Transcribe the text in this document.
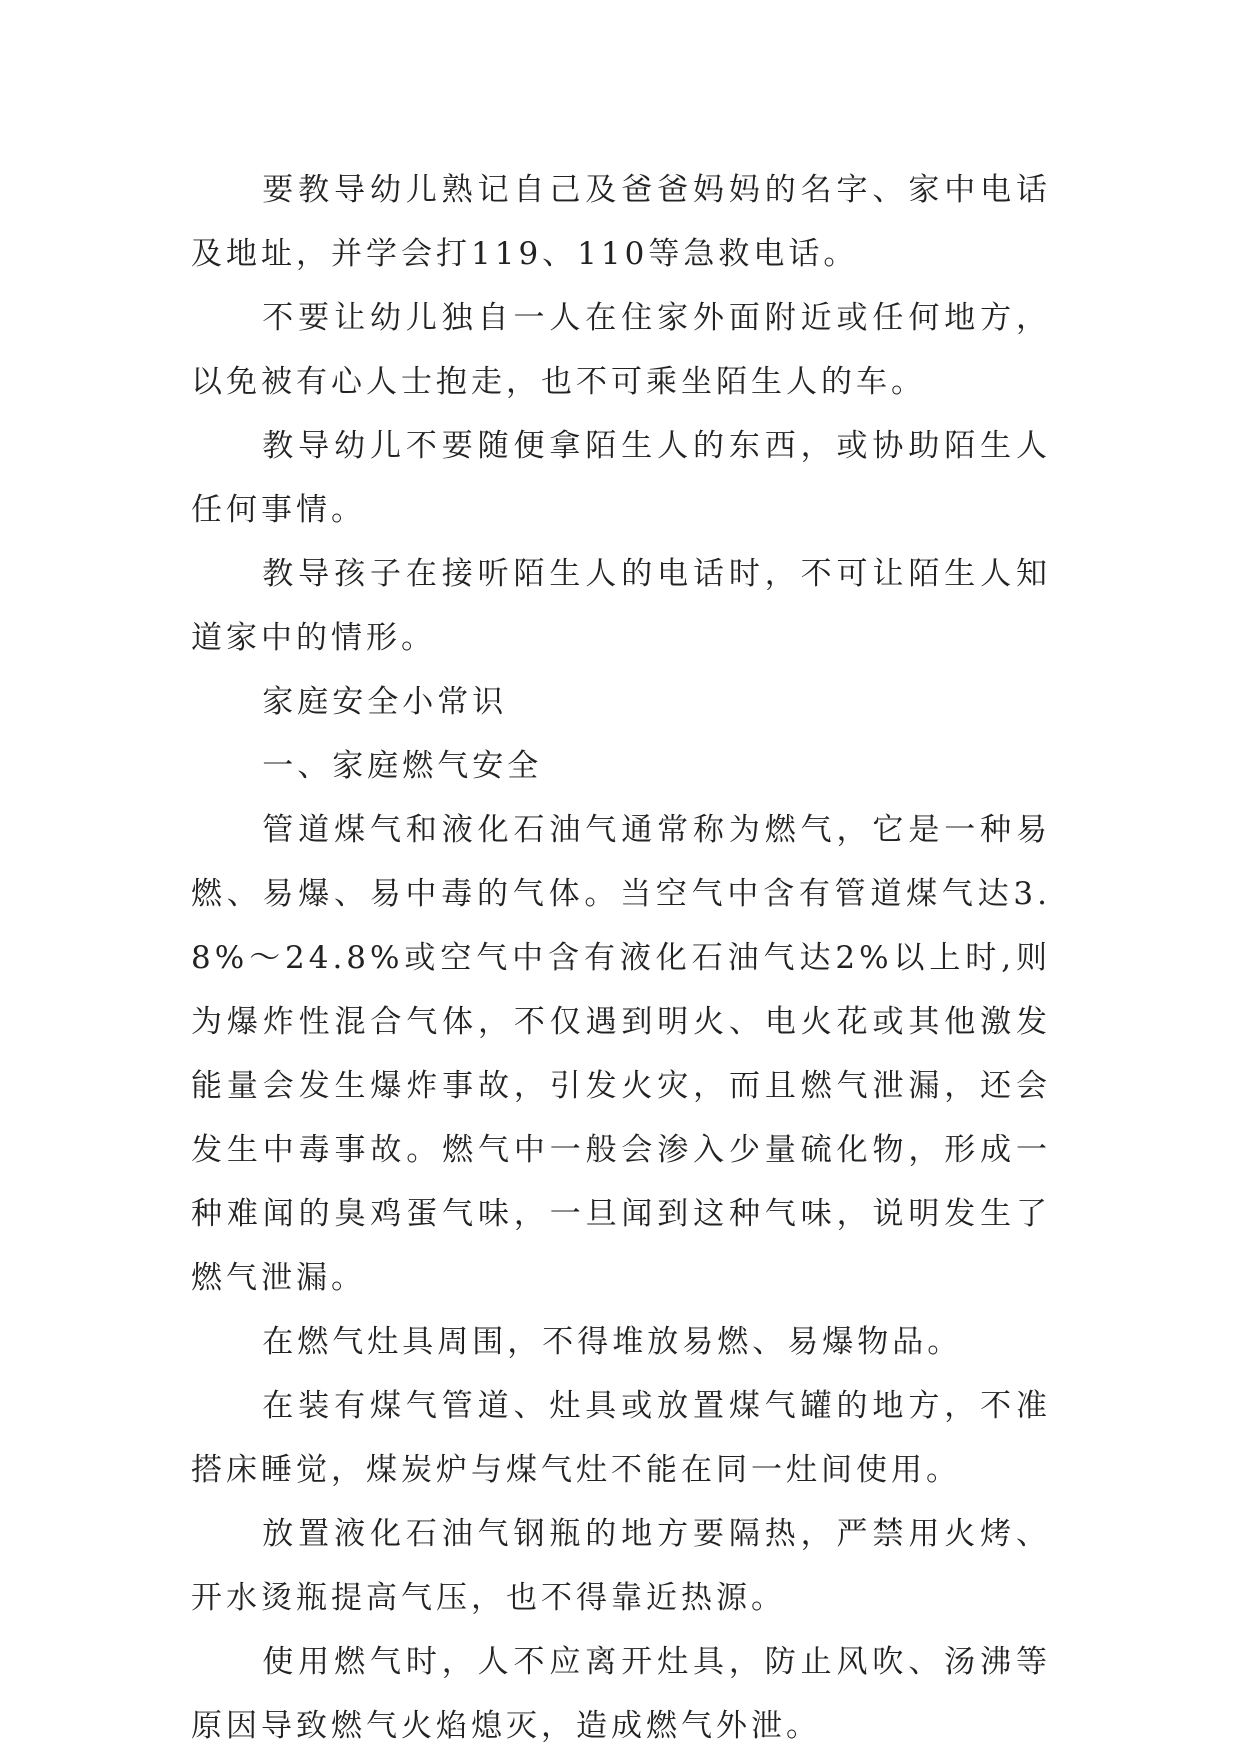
要教导幼儿熟记自己及爸爸妈妈的名字、家中电话及地址，并学会打119、110等急救电话。

不要让幼儿独自一人在住家外面附近或任何地方，以免被有心人士抱走，也不可乘坐陌生人的车。

教导幼儿不要随便拿陌生人的东西，或协助陌生人任何事情。

教导孩子在接听陌生人的电话时，不可让陌生人知道家中的情形。

家庭安全小常识

一、家庭燃气安全

管道煤气和液化石油气通常称为燃气，它是一种易燃、易爆、易中毒的气体。当空气中含有管道煤气达3.8%～24.8%或空气中含有液化石油气达2%以上时,则为爆炸性混合气体，不仅遇到明火、电火花或其他激发能量会发生爆炸事故，引发火灾，而且燃气泄漏，还会发生中毒事故。燃气中一般会渗入少量硫化物，形成一种难闻的臭鸡蛋气味，一旦闻到这种气味，说明发生了燃气泄漏。

在燃气灶具周围，不得堆放易燃、易爆物品。

在装有煤气管道、灶具或放置煤气罐的地方，不准搭床睡觉，煤炭炉与煤气灶不能在同一灶间使用。

放置液化石油气钢瓶的地方要隔热，严禁用火烤、开水烫瓶提高气压，也不得靠近热源。

使用燃气时，人不应离开灶具，防止风吹、汤沸等原因导致燃气火焰熄灭，造成燃气外泄。
